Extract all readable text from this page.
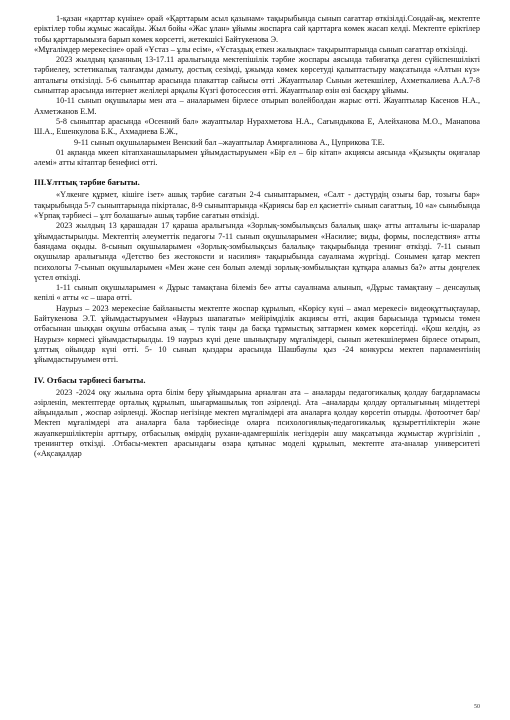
1-қазан «қарттар күніне» орай «Қарттарым асыл қазынам» тақырыбында сынып сағаттар өткізілді.Сондай-ақ, мектепте еріктілер тобы жұмыс жасайды. Жыл бойы «Жас ұлан» ұйымы жоспарға сай қарттарға көмек жасап келді. Мектепте еріктілер тобы қарттарымызға барып көмек көрсетті, жетекшісі Байтукенова Э.

«Мұғалімдер мерекесіне» орай «Ұстаз – ұлы есім», «Ұстаздық еткен жалықпас» тақырыптарында сынып сағаттар өткізілді.

2023 жылдың қазанның 13-17.11 аралығында мектепішілік тәрбие жоспары аясында табиғатқа деген сүйіспеншілікті тәрбиелеу, эстетикалық талғамды дамыту, достық сезімді, ұжымда көмек көрсетуді қалыптастыру мақсатында «Алтын күз» апталығы өткізілді. 5-6 сыныптар арасында плакаттар сайысы өтті .Жауаптылар Сыныи жетекшілер, Ахметкалиева А.А.7-8 сыныптар арасында интернет желілері арқылы Күзгі фотосессия өтті. Жауаптылар өзін өзі басқару ұйымы.

10-11 сынып оқушылары мен ата – аналарымен бірлесе отырып волейболдан жарыс өтті. Жауаптылар Касенов Н.А., Ахметжанов Е.М.

5-8 сыныптар арасында «Осенний бал» жауаптылар Нурахметова Н.А., Сағындыкова Е, Алейханова М.О., Манапова Ш.А., Ешенкулова Б.К., Ахмадиева Б.Ж.,

9-11 сынып оқушыларымен Венский бал –жауаптылар Амиргалинова А., Цуприкова Т.Е.

01 ақпанда мкееп кітапханашыларымен ұйымдастыруымен «Бір ел – бір кітап» акциясы аясында «Қызықты оқиғалар әлемі» атты кітаптар бенефисі өтті.

III.Ұлттық тәрбие бағыты.

«Үлкенге құрмет, кішіге ізет» ашық тәрбие сағатын 2-4 сыныптарымен, «Салт - дәстүрдің озығы бар, тозығы бар» тақырыбында 5-7 сыныптарында пікірталас, 8-9 сыныптарында «Қариясы бар ел қасиетті» сынып сағаттың, 10 «а» сыныбында «Ұрпақ тәрбиесі – ұлт болашағы» ашық тәрбие сағатын өткізіді.

2023 жылдың 13 қарашадан 17 қараша аралығында «Зорлық-зомбылықсыз балалық шақ» атты апталығы іс-шаралар ұйымдастырылды. Мектептің әлеуметтік педагогы 7-11 сынып оқушыларымен «Насилие; виды, формы, последствия» атты баяндама оқыды. 8-сынып оқушыларымен «Зорлық-зомбылықсыз балалық» тақырыбында тренинг өткізді. 7-11 сынып оқушылар аралығында «Детство без жестокости и насилия» тақырыбында сауалнама жүргізді. Сонымен қатар мектеп психологы 7-сынып оқушыларымен «Мен және сен болып әлемді зорлық-зомбылықтан құтқара аламыз ба?» атты дөңгелек үстел өткізді.

1-11 сынып оқушыларымен « Дұрыс тамақтана білеміз бе» атты сауалнама алынып, «Дұрыс тамақтану – денсаулық кепілі « атты «с – шара өтті.

Наурыз – 2023 мерекесіне байланысты мектепте жоспар құрылып, «Көрісу күні – амал мерекесі» видеоқұттықтаулар, Байтукенова Э.Т. ұйымдастыруымен «Наурыз шапағаты» мейірімділік акциясы өтті, акция барысында тұрмысы төмен отбасынан шыққан оқушы отбасына азық – түлік таңы да басқа тұрмыстық заттармен көмек көрсетілді. «Қош келдің, әз Наурыз» көрмесі ұйымдастырылды. 19 наурыз күні дене шынықтыру мұғалімдері, сынып жетекшілермен бірлесе отырып, ұлттық ойындар күні өтті. 5- 10 сынып қыздары арасында Шашбаулы қыз -24 конкурсы мектеп парламентінің ұйымдастыруымен өтті.

IV. Отбасы тәрбиесі бағыты.

2023 -2024 оқу жылына орта білім беру ұйымдарына арналған ата – аналарды педагогикалық қолдау бағдарламасы әзірленіп, мектептерде орталық құрылып, шығармашылық топ әзірленді. Ата –аналарды қолдау орталығының міндеттері айқындалып , жоспар әзірленді. Жоспар негізінде мектеп мұғалімдері ата аналарға қолдау көрсетіп отырды. /фотоотчет бар/ Мектеп мұғалімдері ата аналарға бала тәрбиесінде оларға психологиялық-педагогикалық құзыреттіліктерін және жауапкершіліктерін арттыру, отбасылық өмірдің рухани-адамгершілік негіздерін ашу мақсатында жұмыстар жүргізіліп , тренингтер өткізді. .Отбасы-мектеп арасындағы өзара қатынас моделі құрылып, мектепте ата-аналар университеті («Ақсақалдар

50
